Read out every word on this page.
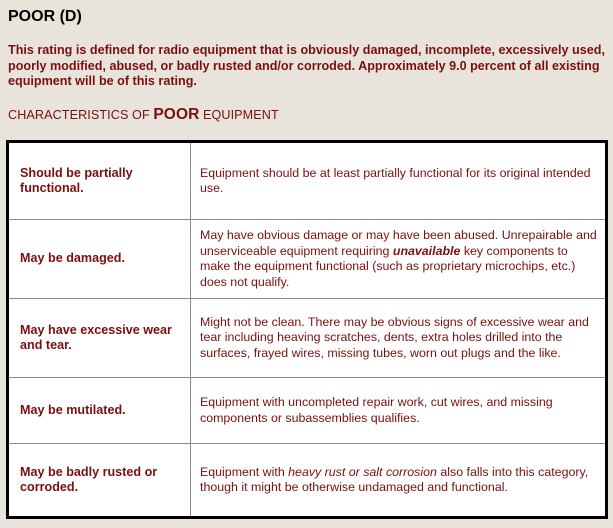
POOR (D)

This rating is defined for radio equipment that is obviously damaged, incomplete, excessively used, poorly modified, abused, or badly rusted and/or corroded. Approximately 9.0 percent of all existing equipment will be of this rating.

CHARACTERISTICS OF POOR EQUIPMENT

Should be partially functional.
Equipment should be at least partially functional for its original intended use.
May be damaged.
May have obvious damage or may have been abused. Unrepairable and unserviceable equipment requiring unavailable key components to make the equipment functional (such as proprietary microchips, etc.) does not qualify.
May have excessive wear and tear.
Might not be clean. There may be obvious signs of excessive wear and tear including heaving scratches, dents, extra holes drilled into the surfaces, frayed wires, missing tubes, worn out plugs and the like.
May be mutilated.
Equipment with uncompleted repair work, cut wires, and missing components or subassemblies qualifies.
May be badly rusted or corroded.
Equipment with heavy rust or salt corrosion also falls into this category, though it might be otherwise undamaged and functional.
